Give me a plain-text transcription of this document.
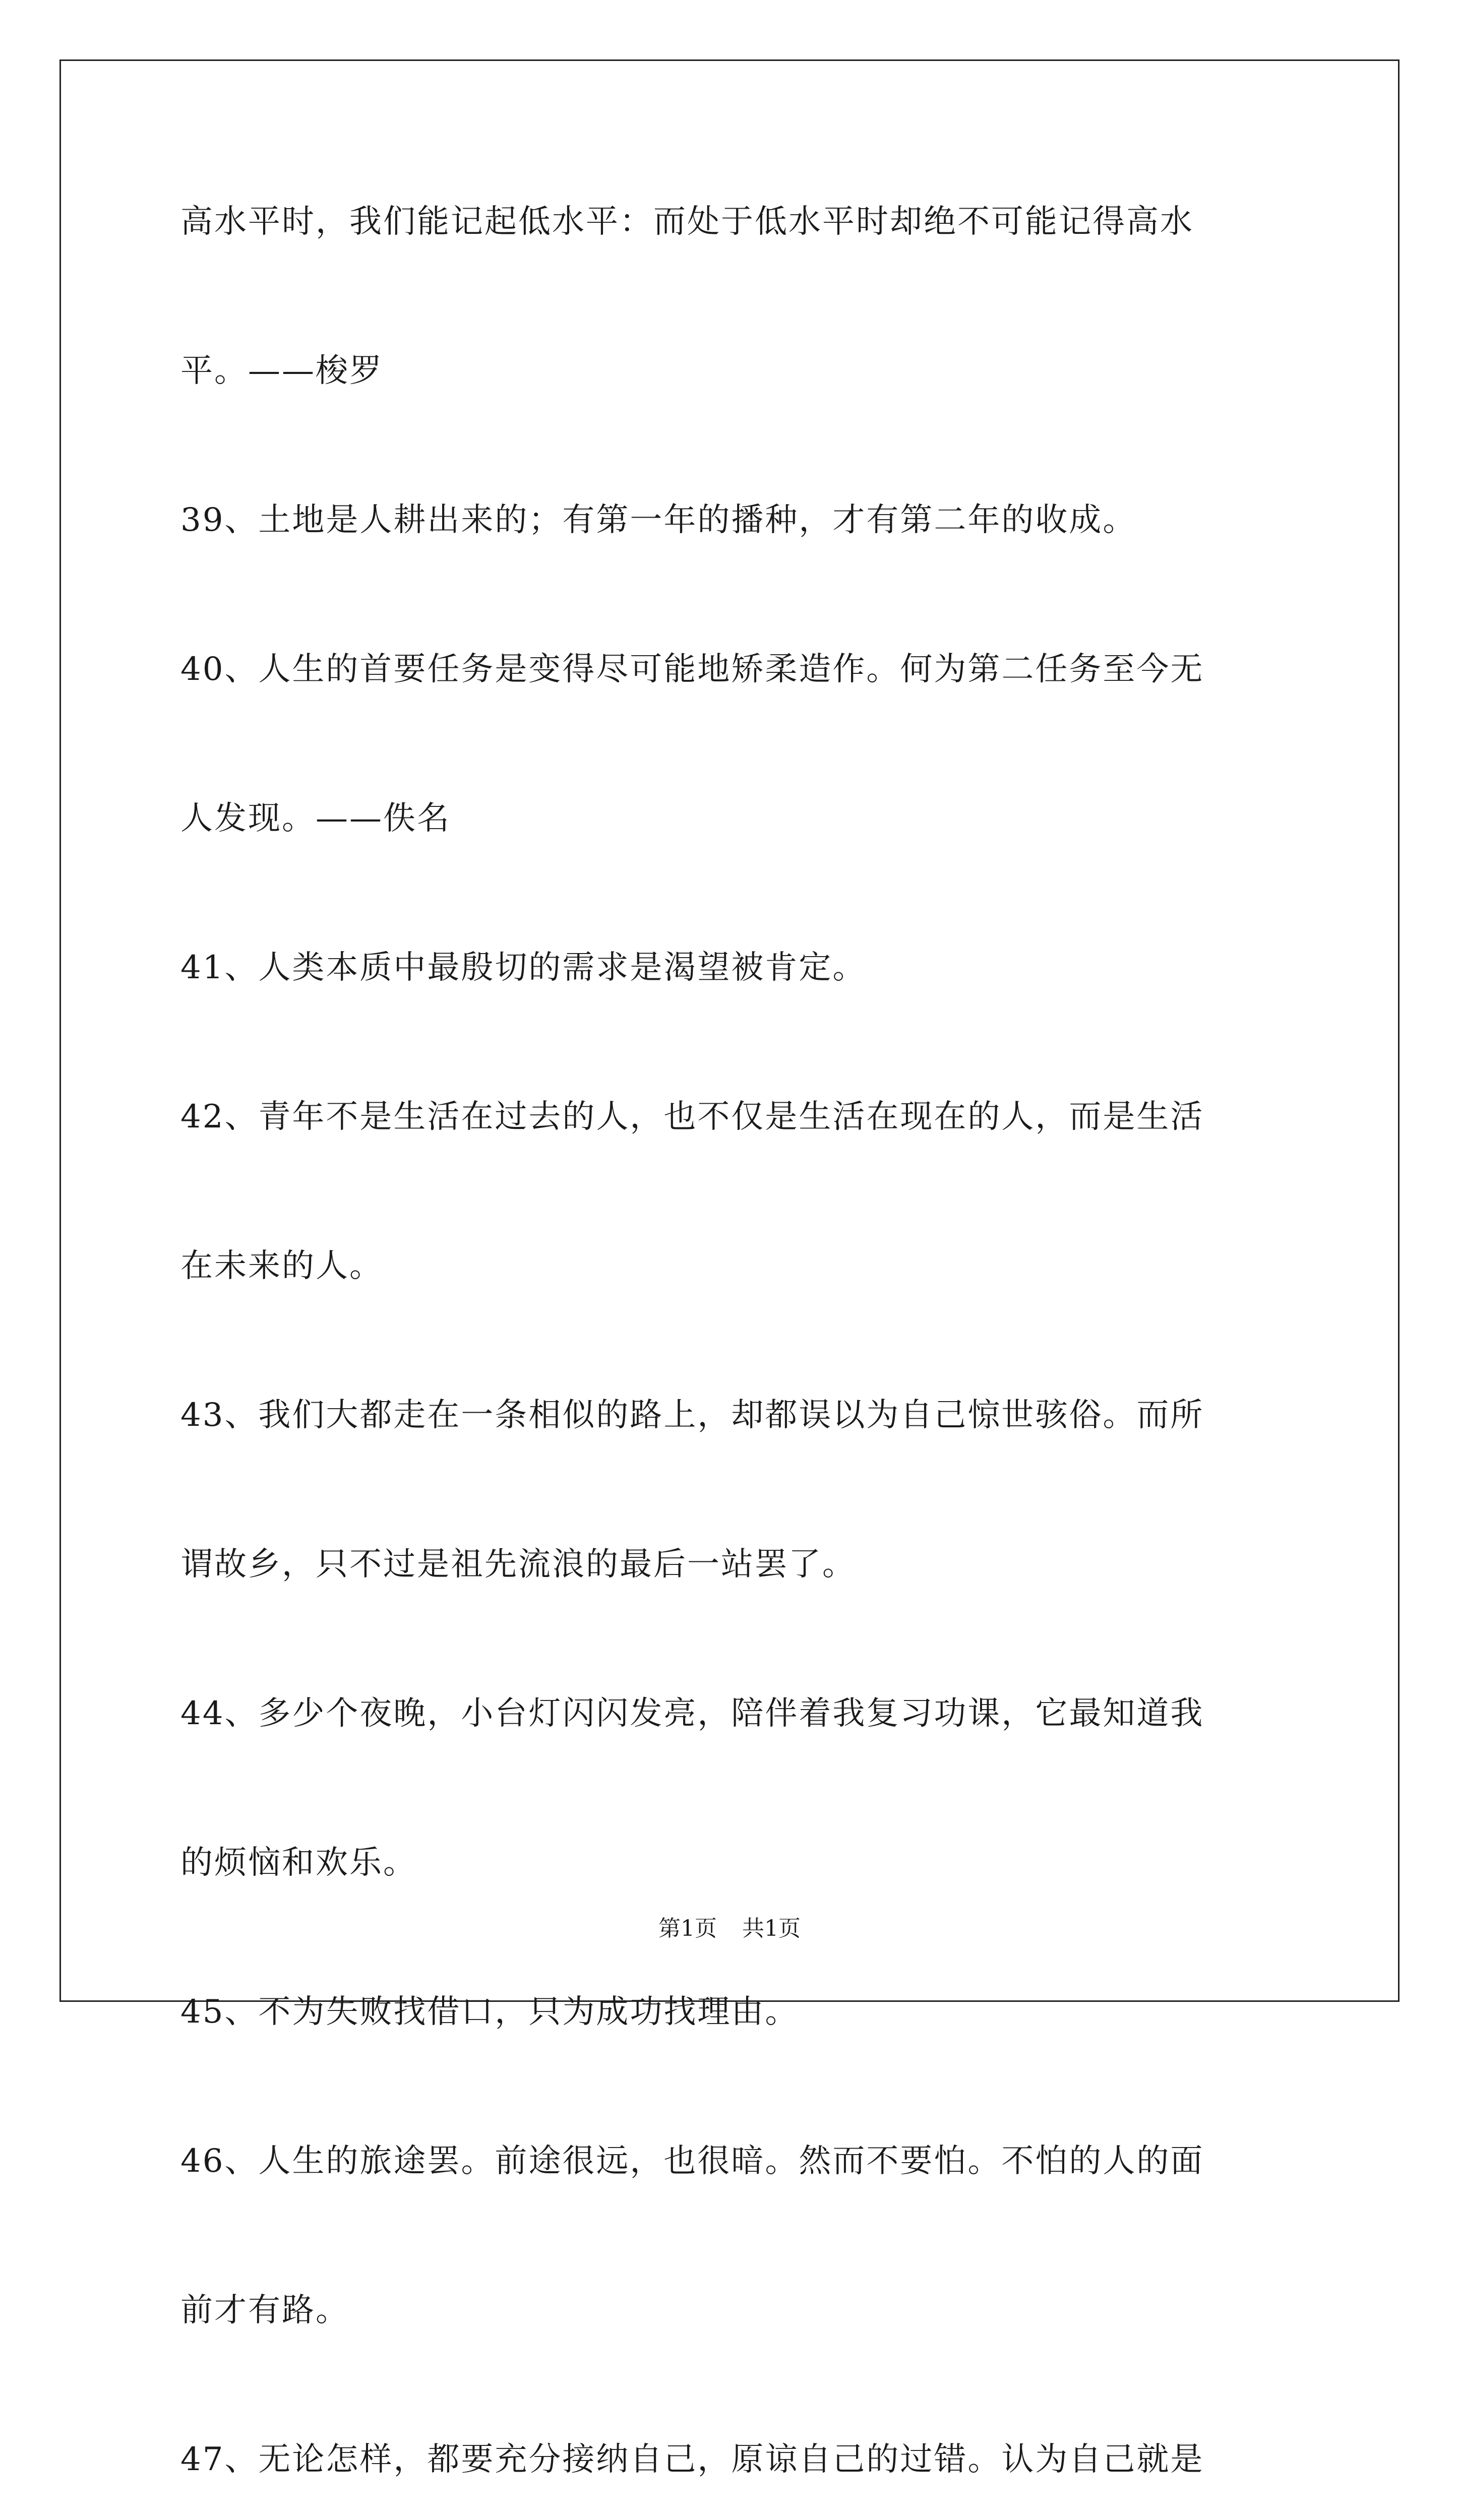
高水平时，我们能记起低水平：而处于低水平时却绝不可能记得高水
平。——梭罗
39、土地是人耕出来的；有第一年的播种，才有第二年的收成。
40、人生的首要任务是变得尽可能地矫柔造作。何为第二任务至今无
人发现。——佚名
41、人类本质中最殷切的需求是渴望被肯定。
42、青年不是生活在过去的人，也不仅是生活在现在的人，而是生活
在未来的人。
43、我们大都走在一条相似的路上，却都误以为自己惊世骇俗。而所
谓故乡，只不过是祖先流浪的最后一站罢了。
44、多少个夜晚，小台灯闪闪发亮，陪伴着我复习功课，它最知道我
的烦恼和欢乐。
45、不为失败找借口，只为成功找理由。
46、人生的旅途罢。前途很远，也很暗。然而不要怕。不怕的人的面
前才有路。
47、无论怎样，都要充分接纳自己，原谅自己的过错。认为自己就是
第1页 共1页
